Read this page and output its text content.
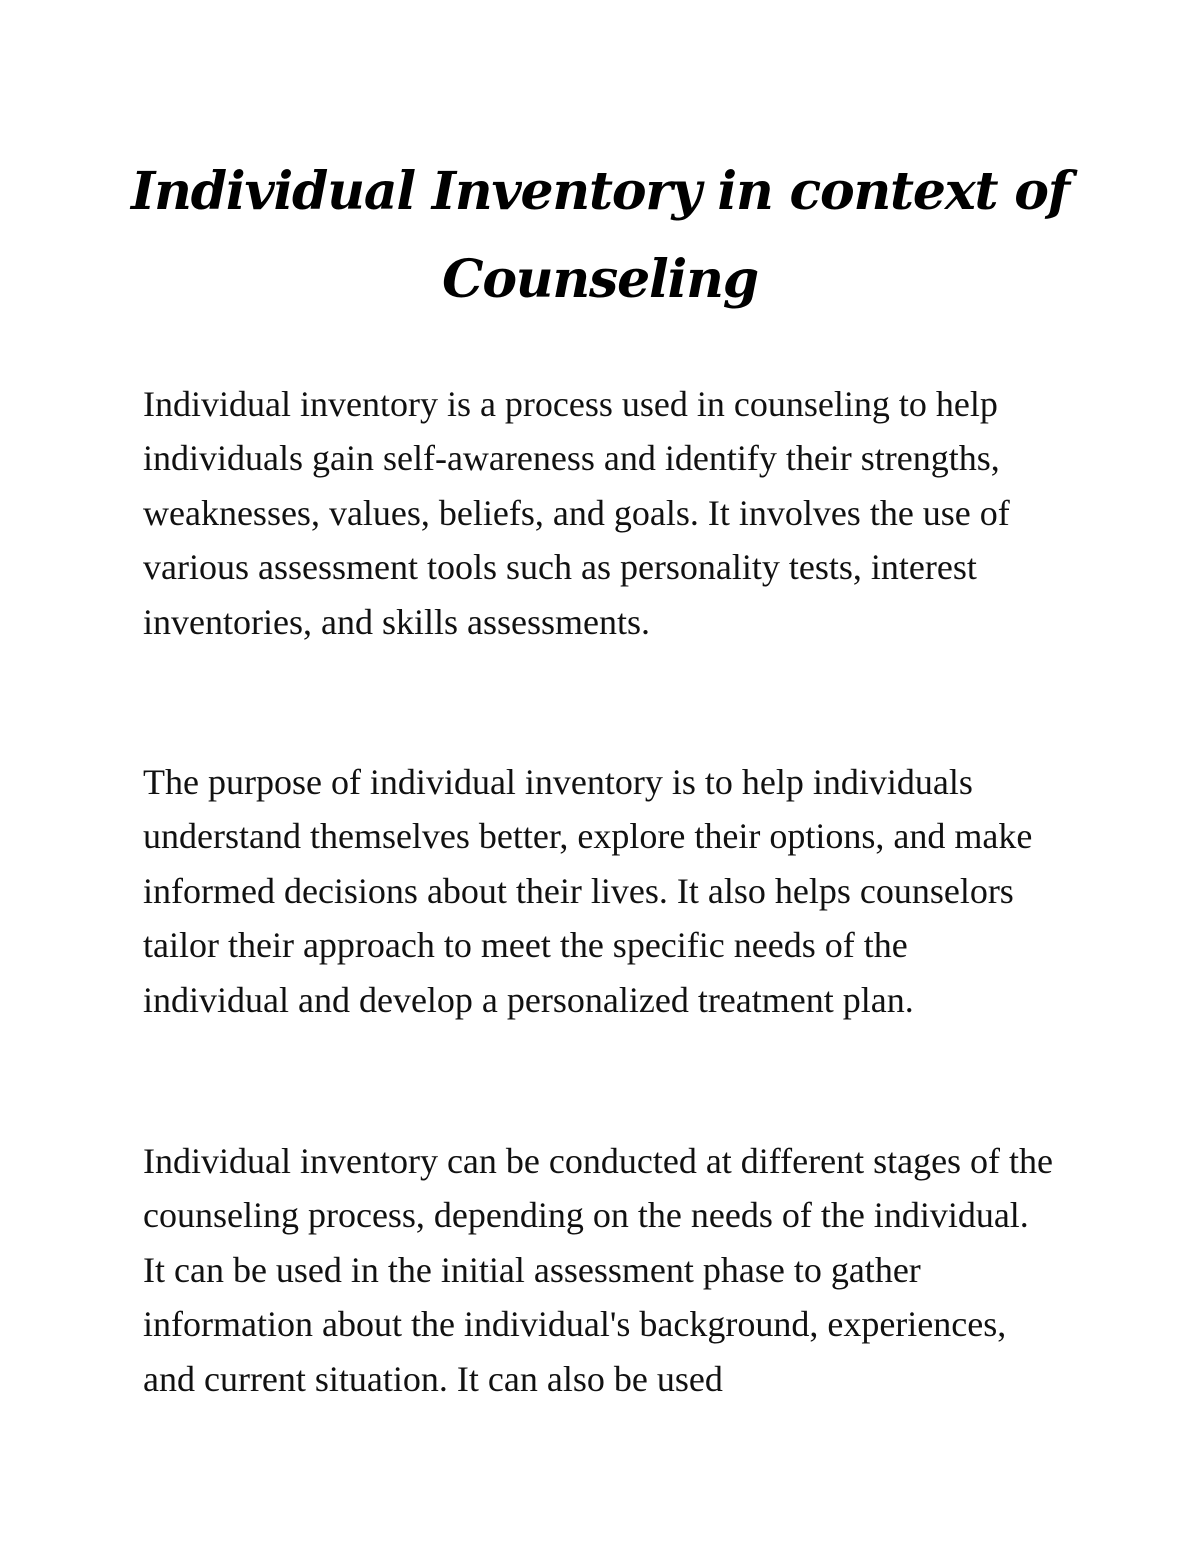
Individual Inventory in context of Counseling

Individual inventory is a process used in counseling to help individuals gain self-awareness and identify their strengths, weaknesses, values, beliefs, and goals. It involves the use of various assessment tools such as personality tests, interest inventories, and skills assessments.

The purpose of individual inventory is to help individuals understand themselves better, explore their options, and make informed decisions about their lives. It also helps counselors tailor their approach to meet the specific needs of the individual and develop a personalized treatment plan.

Individual inventory can be conducted at different stages of the counseling process, depending on the needs of the individual. It can be used in the initial assessment phase to gather information about the individual's background, experiences, and current situation. It can also be used
